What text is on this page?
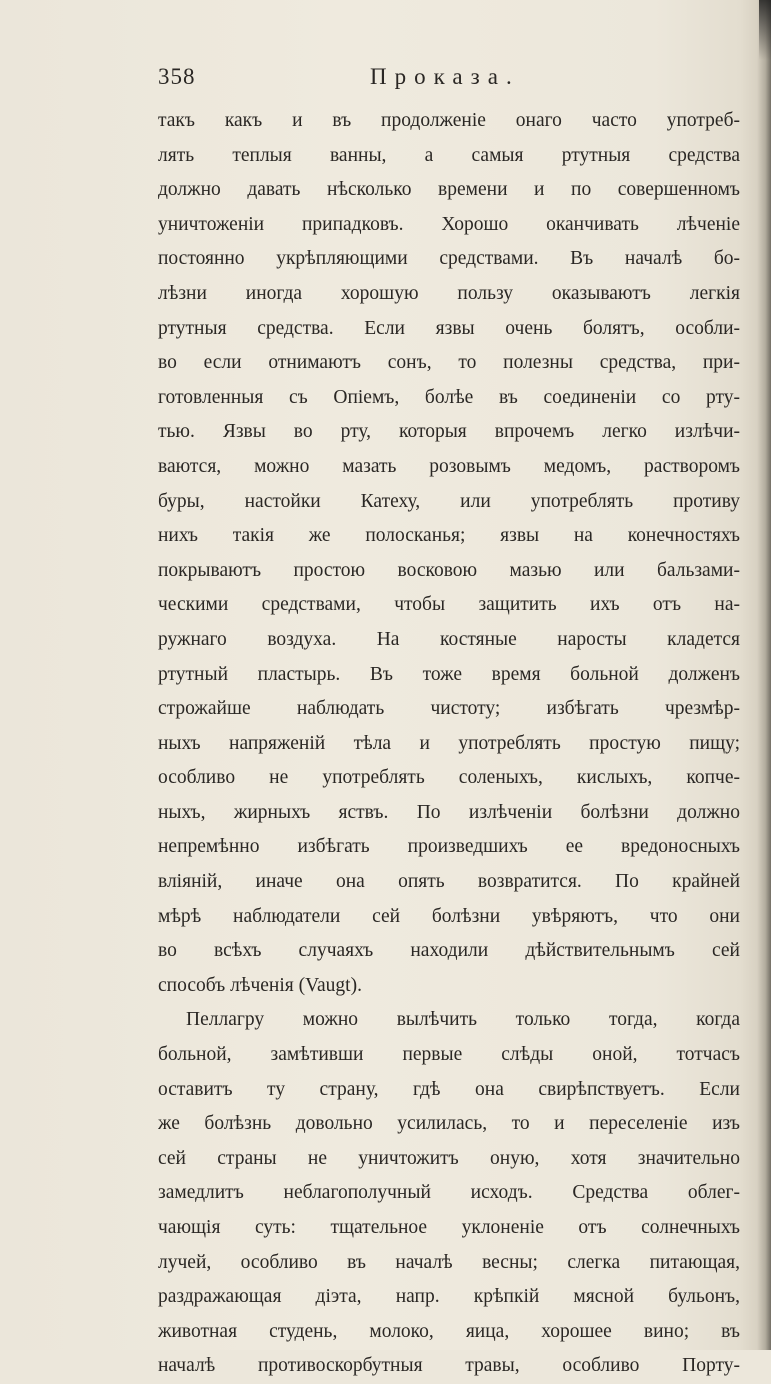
358	Проказа.
такъ какъ и въ продолженіе онаго часто употреб-
лять теплыя ванны, а самыя ртутныя средства
должно давать нѣсколько времени и по совершенномъ
уничтоженіи припадковъ. Хорошо оканчивать лѣченіе
постоянно укрѣпляющими средствами. Въ началѣ бо-
лѣзни иногда хорошую пользу оказываютъ легкія
ртутныя средства. Если язвы очень болятъ, особли-
во если отнимаютъ сонъ, то полезны средства, при-
готовленныя съ Опіемъ, болѣе въ соединеніи со рту-
тью. Язвы во рту, которыя впрочемъ легко излѣчи-
ваются, можно мазать розовымъ медомъ, растворомъ
буры, настойки Катеху, или употреблять противу
нихъ такія же полосканья; язвы на конечностяхъ
покрываютъ простою восковою мазью или бальзами-
ческими средствами, чтобы защитить ихъ отъ на-
ружнаго воздуха. На костяные наросты кладется
ртутный пластырь. Въ тоже время больной долженъ
строжайше наблюдать чистоту; избѣгать чрезмѣр-
ныхъ напряженій тѣла и употреблять простую пищу;
особливо не употреблять соленыхъ, кислыхъ, копче-
ныхъ, жирныхъ яствъ. По излѣченіи болѣзни должно
непремѣнно избѣгать произведшихъ ее вредоносныхъ
вліяній, иначе она опять возвратится. По крайней
мѣрѣ наблюдатели сей болѣзни увѣряютъ, что они
во всѣхъ случаяхъ находили дѣйствительнымъ сей
способъ лѣченія (Vaugt).
Пеллагру можно вылѣчить только тогда, когда
больной, замѣтивши первые слѣды оной, тотчасъ
оставитъ ту страну, гдѣ она свирѣпствуетъ. Если
же болѣзнь довольно усилилась, то и переселеніе изъ
сей страны не уничтожитъ оную, хотя значительно
замедлитъ неблагополучный исходъ. Средства облег-
чающія суть: тщательное уклоненіе отъ солнечныхъ
лучей, особливо въ началѣ весны; слегка питающая,
раздражающая діэта, напр. крѣпкій мясной бульонъ,
животная студень, молоко, яица, хорошее вино; въ
началѣ противоскорбутныя травы, особливо Порту-
